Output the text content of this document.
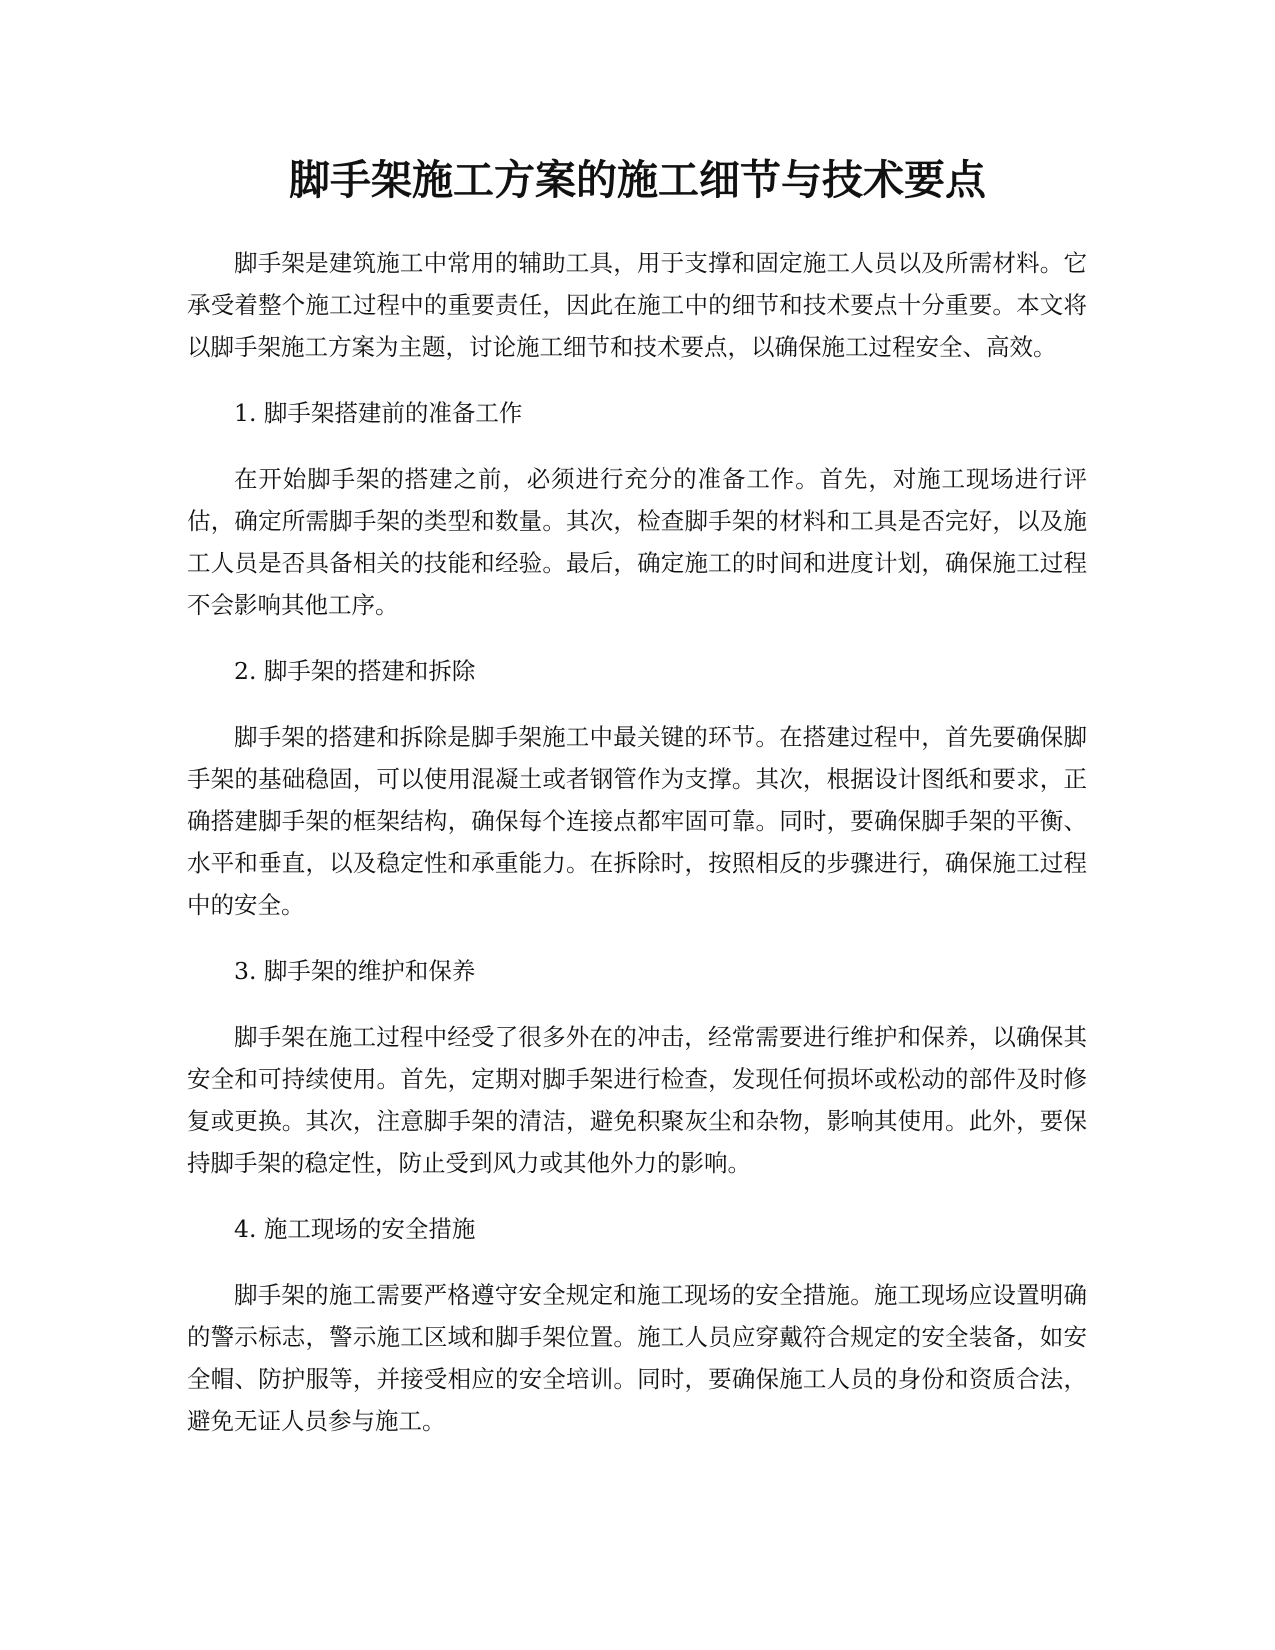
脚手架施工方案的施工细节与技术要点

脚手架是建筑施工中常用的辅助工具，用于支撑和固定施工人员以及所需材料。它承受着整个施工过程中的重要责任，因此在施工中的细节和技术要点十分重要。本文将以脚手架施工方案为主题，讨论施工细节和技术要点，以确保施工过程安全、高效。

1. 脚手架搭建前的准备工作

在开始脚手架的搭建之前，必须进行充分的准备工作。首先，对施工现场进行评估，确定所需脚手架的类型和数量。其次，检查脚手架的材料和工具是否完好，以及施工人员是否具备相关的技能和经验。最后，确定施工的时间和进度计划，确保施工过程不会影响其他工序。

2. 脚手架的搭建和拆除

脚手架的搭建和拆除是脚手架施工中最关键的环节。在搭建过程中，首先要确保脚手架的基础稳固，可以使用混凝土或者钢管作为支撑。其次，根据设计图纸和要求，正确搭建脚手架的框架结构，确保每个连接点都牢固可靠。同时，要确保脚手架的平衡、水平和垂直，以及稳定性和承重能力。在拆除时，按照相反的步骤进行，确保施工过程中的安全。

3. 脚手架的维护和保养

脚手架在施工过程中经受了很多外在的冲击，经常需要进行维护和保养，以确保其安全和可持续使用。首先，定期对脚手架进行检查，发现任何损坏或松动的部件及时修复或更换。其次，注意脚手架的清洁，避免积聚灰尘和杂物，影响其使用。此外，要保持脚手架的稳定性，防止受到风力或其他外力的影响。

4. 施工现场的安全措施

脚手架的施工需要严格遵守安全规定和施工现场的安全措施。施工现场应设置明确的警示标志，警示施工区域和脚手架位置。施工人员应穿戴符合规定的安全装备，如安全帽、防护服等，并接受相应的安全培训。同时，要确保施工人员的身份和资质合法，避免无证人员参与施工。
